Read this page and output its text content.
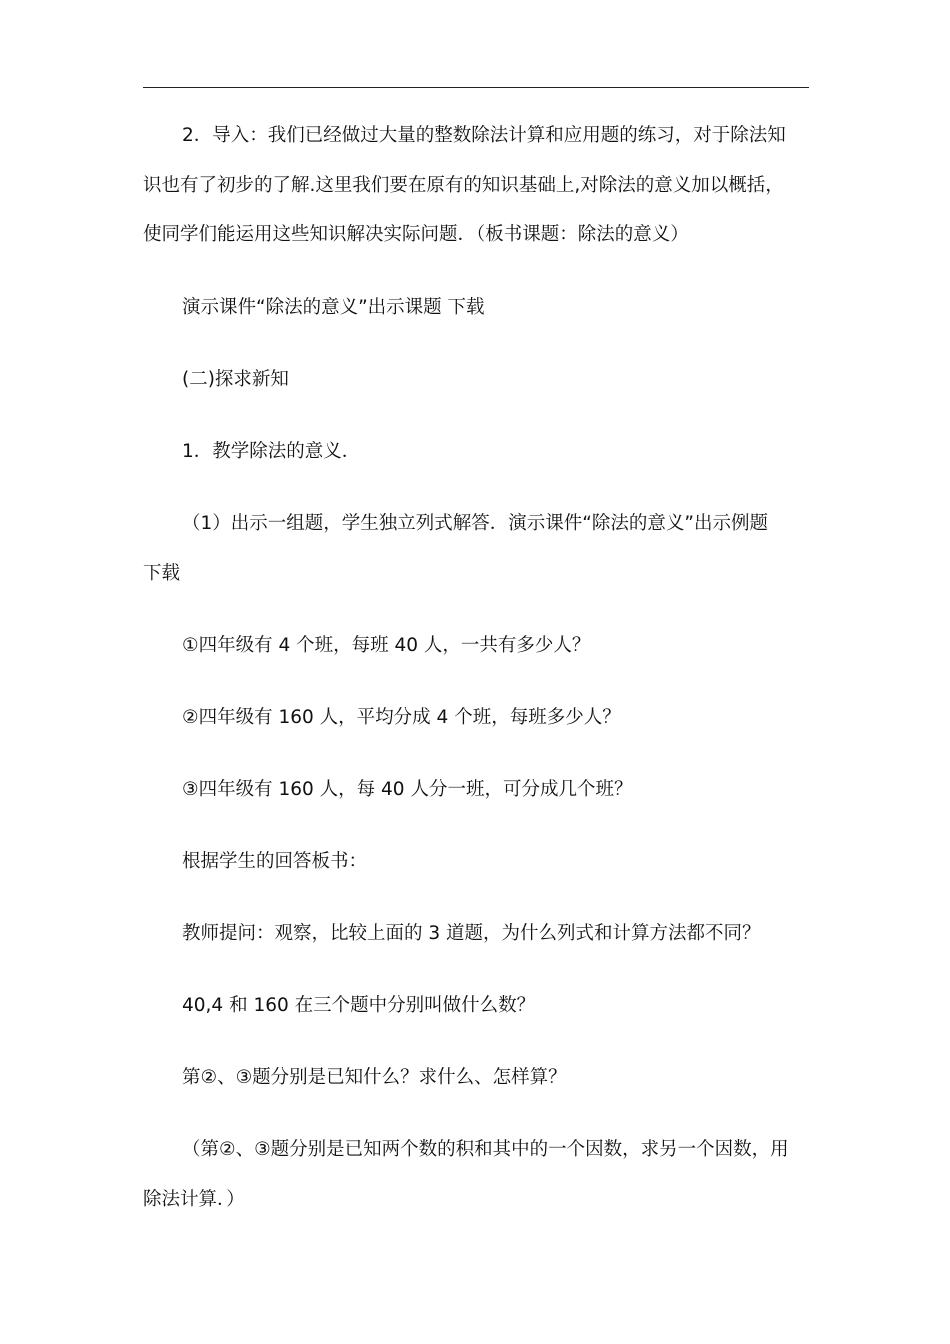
2．导入：我们已经做过大量的整数除法计算和应用题的练习，对于除法知

识也有了初步的了解.这里我们要在原有的知识基础上,对除法的意义加以概括，

使同学们能运用这些知识解决实际问题．（板书课题：除法的意义）

演示课件“除法的意义”出示课题 下载

(二)探求新知

1．教学除法的意义．

（1）出示一组题，学生独立列式解答．演示课件“除法的意义”出示例题

下载

①四年级有 4 个班，每班 40 人，一共有多少人？

②四年级有 160 人，平均分成 4 个班，每班多少人？

③四年级有 160 人，每 40 人分一班，可分成几个班？

根据学生的回答板书：

教师提问：观察，比较上面的 3 道题，为什么列式和计算方法都不同？

40,4 和 160 在三个题中分别叫做什么数？

第②、③题分别是已知什么？求什么、怎样算？

（第②、③题分别是已知两个数的积和其中的一个因数，求另一个因数，用

除法计算．）
